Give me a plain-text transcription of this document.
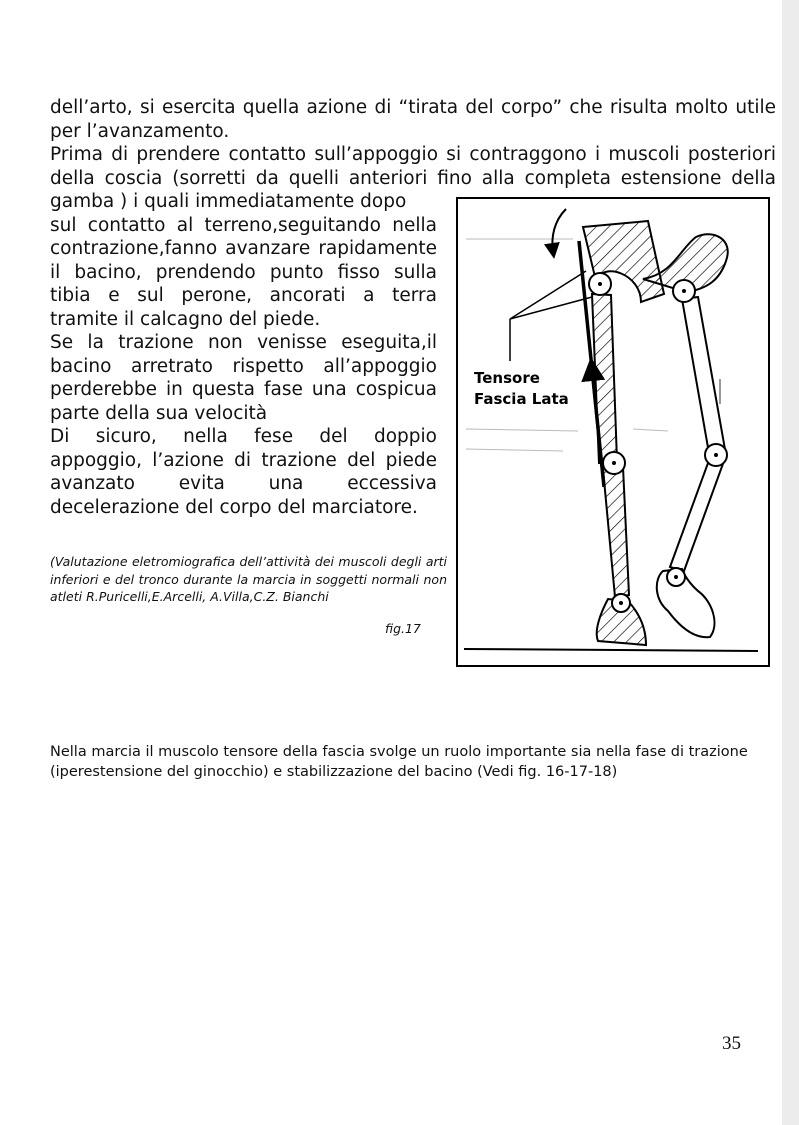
dell’arto, si esercita quella azione di “tirata del corpo” che risulta molto utile
per l’avanzamento.
Prima di prendere contatto sull’appoggio si contraggono i muscoli posteriori
della coscia (sorretti da quelli anteriori fino alla completa estensione della
gamba ) i quali immediatamente dopo
sul contatto al terreno,seguitando nella
contrazione,fanno avanzare rapidamente
il bacino, prendendo punto fisso sulla
tibia e sul perone, ancorati a terra
tramite il calcagno del piede.
Se la trazione non venisse eseguita,il
bacino arretrato rispetto all’appoggio
perderebbe in questa fase una cospicua
parte della sua velocità
Di sicuro, nella fese del doppio
appoggio, l’azione di trazione del piede
avanzato evita una eccessiva
decelerazione del corpo del marciatore.
(Valutazione eletromiografica dell’attività dei muscoli degli arti inferiori e del tronco durante la marcia in soggetti normali non atleti R.Puricelli,E.Arcelli, A.Villa,C.Z. Bianchi
fig.17
Tensore
Fascia Lata
Nella marcia il muscolo tensore della fascia svolge un ruolo importante sia nella fase di trazione
(iperestensione del ginocchio) e stabilizzazione del bacino (Vedi fig. 16-17-18)
35
